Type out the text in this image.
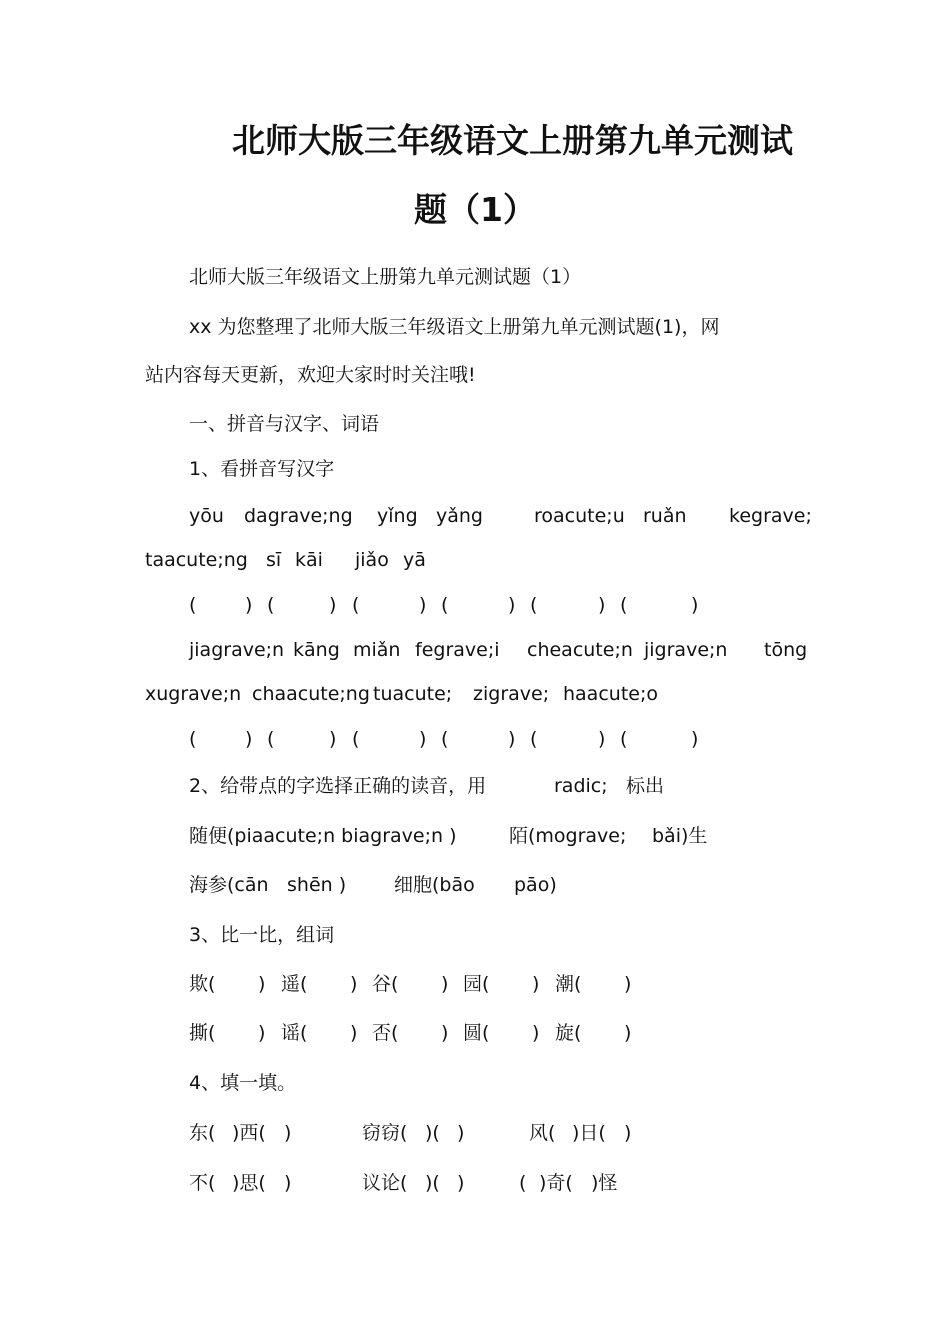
北师大版三年级语文上册第九单元测试
题（1）
北师大版三年级语文上册第九单元测试题（1）
xx 为您整理了北师大版三年级语文上册第九单元测试题(1)，网
站内容每天更新，欢迎大家时时关注哦!
一、拼音与汉字、词语
1、看拼音写汉字
yōu dagrave;ng yǐng yǎng	roacute;u ruǎn kegrave;
taacute;ng sī kāi jiǎo yā
(	) (	) (	) (	) (	) (	)
jiagrave;n kāng miǎn fegrave;i cheacute;n jigrave;n tōng
xugrave;n chaacute;ng tuacute; zigrave; haacute;o
(	) (	) (	) (	) (	) (	)
2、给带点的字选择正确的读音，用	radic; 标出
随便(piaacute;n biagrave;n )	陌(mograve; bǎi)生
海参(cān shēn )	细胞(bāo pāo)
3、比一比，组词
欺( ) 遥( ) 谷( ) 园( ) 潮( )
撕( ) 谣( ) 否( ) 圆( ) 旋( )
4、填一填。
东( )西( )	窃窃( )( )	风( )日( )
不( )思( )	议论( )( )	( )奇( )怪
